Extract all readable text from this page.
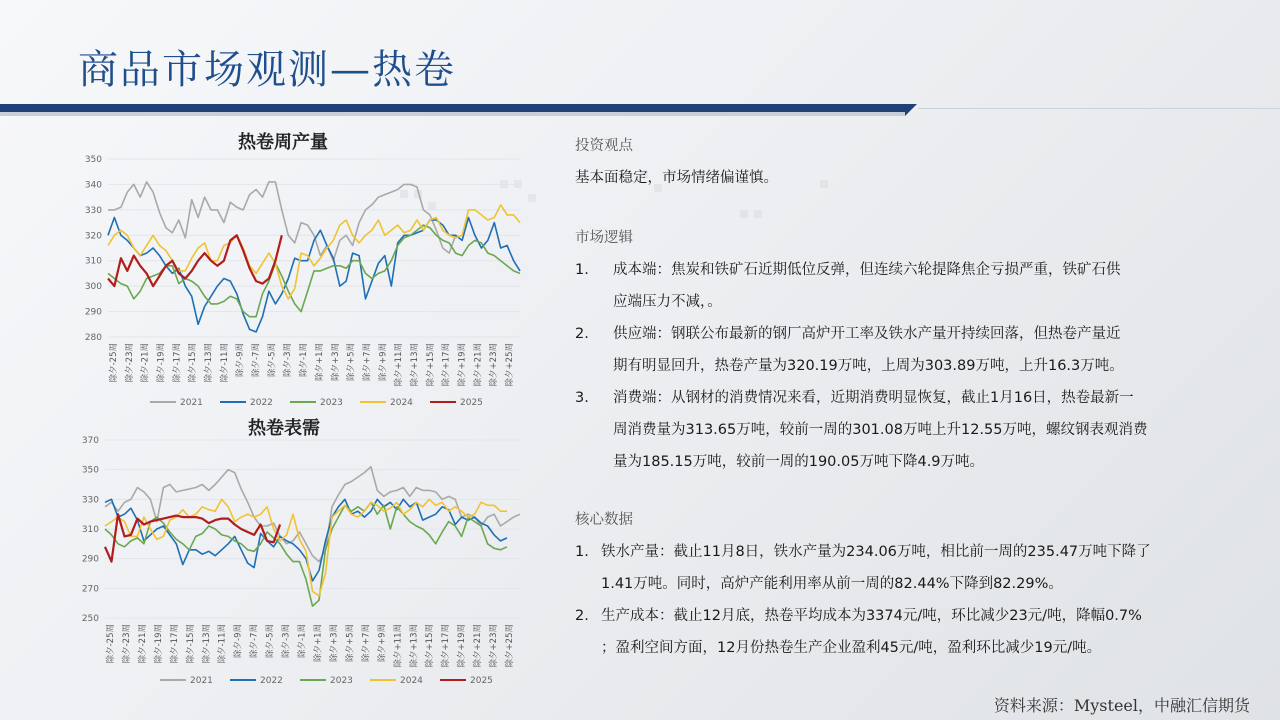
商品市场观测—热卷
热卷周产量
350
340
330
320
310
300
290
280
除夕-25周 除夕-23周 除夕-21周 除夕-19周 除夕-17周 除夕-15周 除夕-13周 除夕-11周 除夕-9周 除夕-7周 除夕-5周 除夕-3周 除夕-1周 除夕+1周 除夕+3周 除夕+5周 除夕+7周 除夕+9周 除夕+11周 除夕+13周 除夕+15周 除夕+17周 除夕+19周 除夕+21周 除夕+23周 除夕+25周
2021	2022	2023	2024	2025
热卷表需
370
350
330
310
290
270
250
除夕-25周 除夕-23周 除夕-21周 除夕-19周 除夕-17周 除夕-15周 除夕-13周 除夕-11周 除夕-9周 除夕-7周 除夕-5周 除夕-3周 除夕-1周 除夕+1周 除夕+3周 除夕+5周 除夕+7周 除夕+9周 除夕+11周 除夕+13周 除夕+15周 除夕+17周 除夕+19周 除夕+21周 除夕+23周 除夕+25周
2021	2022	2023	2024	2025
投资观点
基本面稳定，市场情绪偏谨慎。
市场逻辑
1. 成本端：焦炭和铁矿石近期低位反弹，但连续六轮提降焦企亏损严重，铁矿石供
应端压力不减，。
2. 供应端：钢联公布最新的钢厂高炉开工率及铁水产量开持续回落，但热卷产量近
期有明显回升，热卷产量为320.19万吨，上周为303.89万吨，上升16.3万吨。
3. 消费端：从钢材的消费情况来看，近期消费明显恢复，截止1月16日，热卷最新一
周消费量为313.65万吨，较前一周的301.08万吨上升12.55万吨，螺纹钢表观消费
量为185.15万吨，较前一周的190.05万吨下降4.9万吨。
核心数据
1. 铁水产量：截止11月8日，铁水产量为234.06万吨，相比前一周的235.47万吨下降了
1.41万吨。同时，高炉产能利用率从前一周的82.44%下降到82.29%。
2. 生产成本：截止12月底，热卷平均成本为3374元/吨，环比减少23元/吨，降幅0.7%
；盈利空间方面，12月份热卷生产企业盈利45元/吨，盈利环比减少19元/吨。
资料来源：Mysteel，中融汇信期货
